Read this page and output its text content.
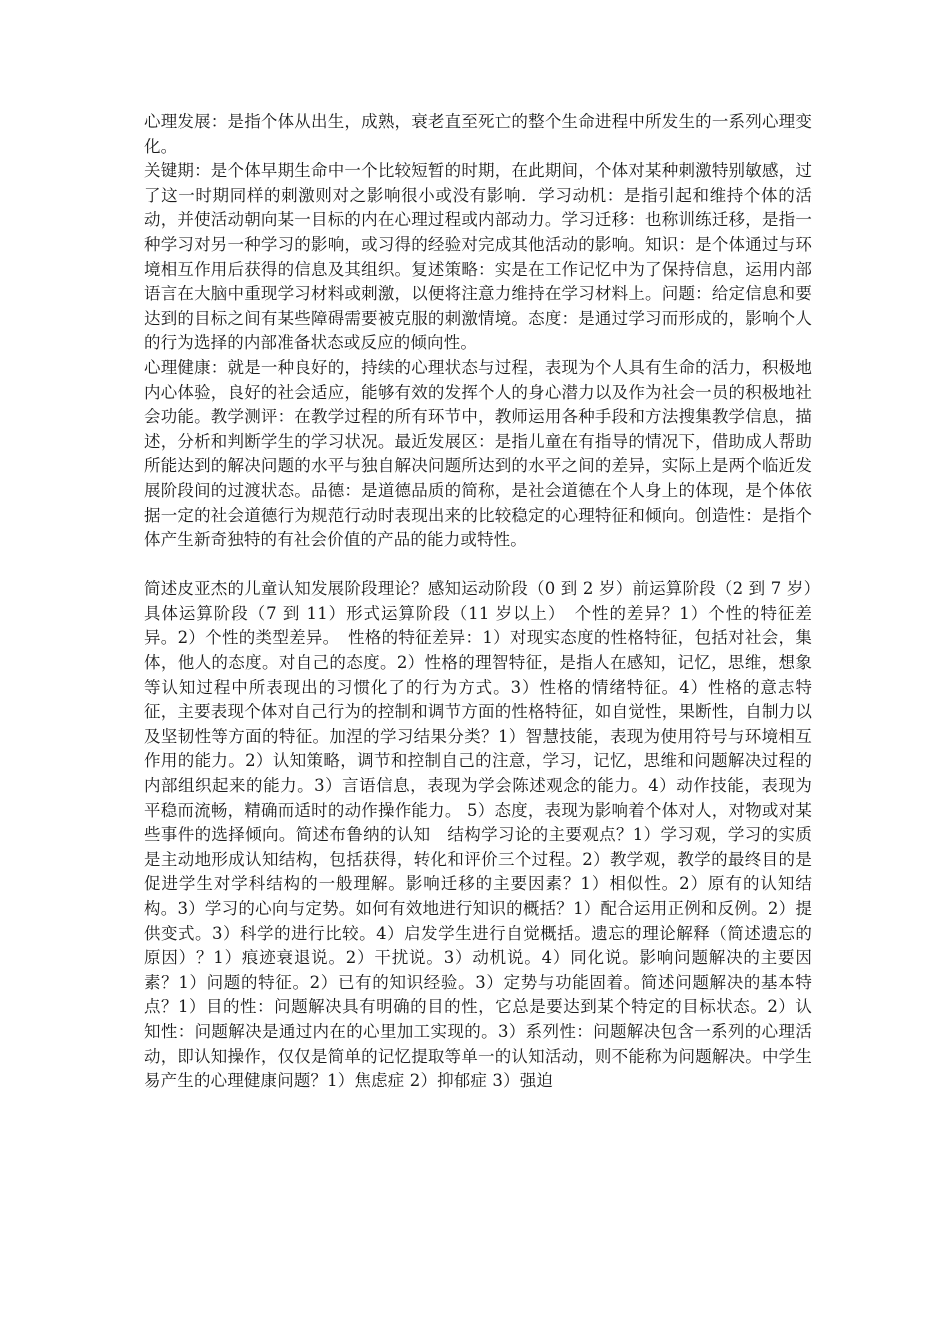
心理发展：是指个体从出生，成熟，衰老直至死亡的整个生命进程中所发生的一系列心理变化。

关键期：是个体早期生命中一个比较短暂的时期，在此期间，个体对某种刺激特别敏感，过了这一时期同样的刺激则对之影响很小或没有影响．学习动机：是指引起和维持个体的活动，并使活动朝向某一目标的内在心理过程或内部动力。学习迁移：也称训练迁移，是指一种学习对另一种学习的影响，或习得的经验对完成其他活动的影响。知识：是个体通过与环境相互作用后获得的信息及其组织。复述策略：实是在工作记忆中为了保持信息，运用内部语言在大脑中重现学习材料或刺激，以便将注意力维持在学习材料上。问题：给定信息和要达到的目标之间有某些障碍需要被克服的刺激情境。态度：是通过学习而形成的，影响个人的行为选择的内部准备状态或反应的倾向性。

心理健康：就是一种良好的，持续的心理状态与过程，表现为个人具有生命的活力，积极地内心体验，良好的社会适应，能够有效的发挥个人的身心潜力以及作为社会一员的积极地社会功能。教学测评：在教学过程的所有环节中，教师运用各种手段和方法搜集教学信息，描述，分析和判断学生的学习状况。最近发展区：是指儿童在有指导的情况下，借助成人帮助所能达到的解决问题的水平与独自解决问题所达到的水平之间的差异，实际上是两个临近发展阶段间的过渡状态。品德：是道德品质的简称，是社会道德在个人身上的体现，是个体依据一定的社会道德行为规范行动时表现出来的比较稳定的心理特征和倾向。创造性：是指个体产生新奇独特的有社会价值的产品的能力或特性。

简述皮亚杰的儿童认知发展阶段理论？感知运动阶段（0 到 2 岁）前运算阶段（2 到 7 岁）具体运算阶段（7 到 11）形式运算阶段（11 岁以上）　个性的差异？1）个性的特征差异。2）个性的类型差异。　性格的特征差异：1）对现实态度的性格特征，包括对社会，集体，他人的态度。对自己的态度。2）性格的理智特征，是指人在感知，记忆，思维，想象等认知过程中所表现出的习惯化了的行为方式。3）性格的情绪特征。4）性格的意志特征，主要表现个体对自己行为的控制和调节方面的性格特征，如自觉性，果断性，自制力以及坚韧性等方面的特征。加涅的学习结果分类？1）智慧技能，表现为使用符号与环境相互作用的能力。2）认知策略，调节和控制自己的注意，学习，记忆，思维和问题解决过程的内部组织起来的能力。3）言语信息，表现为学会陈述观念的能力。4）动作技能，表现为平稳而流畅，精确而适时的动作操作能力。 5）态度，表现为影响着个体对人，对物或对某些事件的选择倾向。简述布鲁纳的认知　结构学习论的主要观点？1）学习观，学习的实质是主动地形成认知结构，包括获得，转化和评价三个过程。2）教学观，教学的最终目的是促进学生对学科结构的一般理解。影响迁移的主要因素？1）相似性。2）原有的认知结构。3）学习的心向与定势。如何有效地进行知识的概括？1）配合运用正例和反例。2）提供变式。3）科学的进行比较。4）启发学生进行自觉概括。遗忘的理论解释（简述遗忘的原因）？1）痕迹衰退说。2）干扰说。3）动机说。4）同化说。影响问题解决的主要因素？1）问题的特征。2）已有的知识经验。3）定势与功能固着。简述问题解决的基本特点？1）目的性：问题解决具有明确的目的性，它总是要达到某个特定的目标状态。2）认知性：问题解决是通过内在的心里加工实现的。3）系列性：问题解决包含一系列的心理活动，即认知操作，仅仅是简单的记忆提取等单一的认知活动，则不能称为问题解决。中学生易产生的心理健康问题？1）焦虑症 2）抑郁症 3）强迫
